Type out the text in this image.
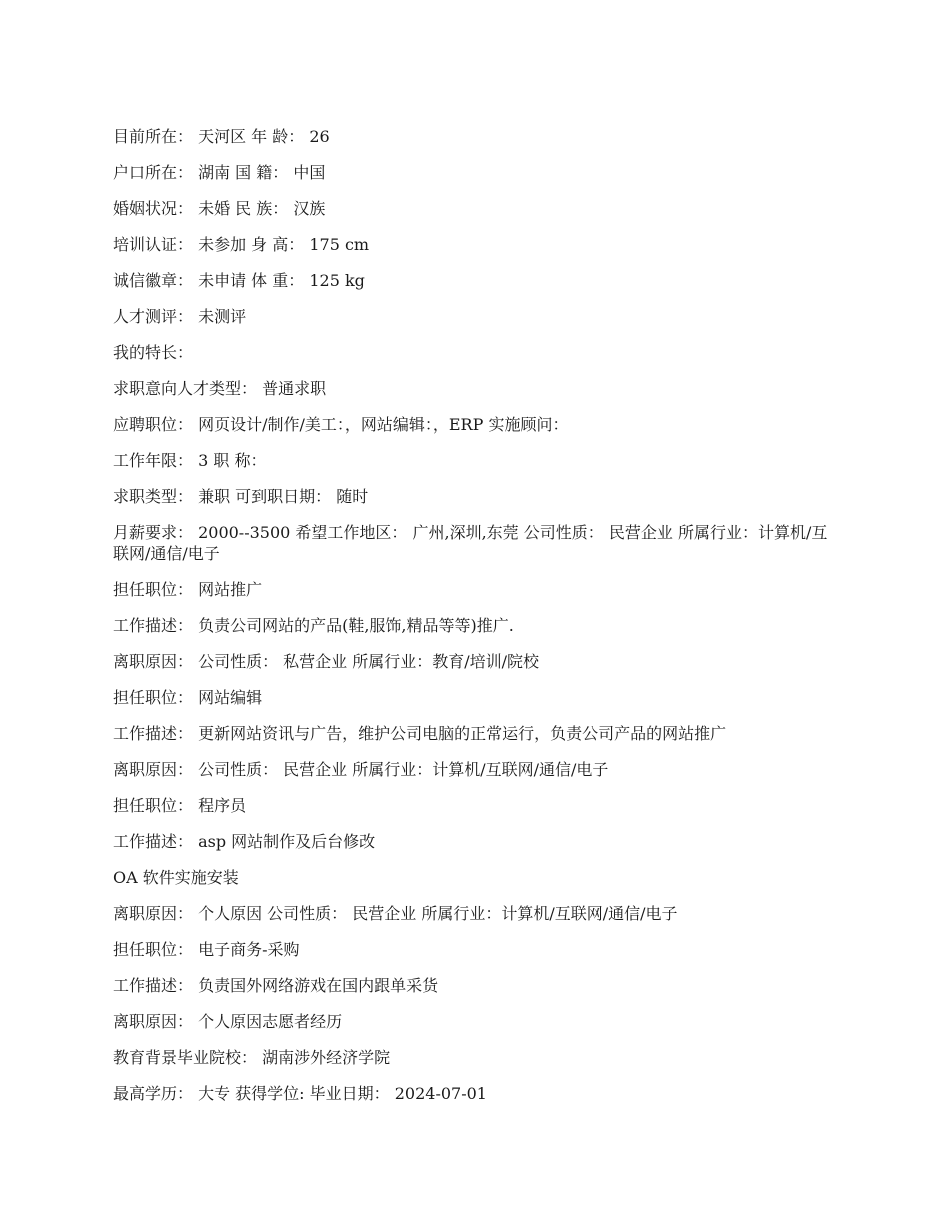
目前所在： 天河区 年 龄： 26
户口所在： 湖南 国 籍： 中国
婚姻状况： 未婚 民 族： 汉族
培训认证： 未参加 身 高： 175 cm
诚信徽章： 未申请 体 重： 125 kg
人才测评： 未测评
我的特长：
求职意向人才类型： 普通求职
应聘职位： 网页设计/制作/美工：，网站编辑：，ERP 实施顾问：
工作年限： 3 职 称：
求职类型： 兼职 可到职日期： 随时
月薪要求： 2000--3500 希望工作地区： 广州,深圳,东莞 公司性质： 民营企业 所属行业：计算机/互联网/通信/电子
担任职位： 网站推广
工作描述： 负责公司网站的产品(鞋,服饰,精品等等)推广.
离职原因： 公司性质： 私营企业 所属行业：教育/培训/院校
担任职位： 网站编辑
工作描述： 更新网站资讯与广告，维护公司电脑的正常运行，负责公司产品的网站推广
离职原因： 公司性质： 民营企业 所属行业：计算机/互联网/通信/电子
担任职位： 程序员
工作描述： asp 网站制作及后台修改
OA 软件实施安装
离职原因： 个人原因 公司性质： 民营企业 所属行业：计算机/互联网/通信/电子
担任职位： 电子商务-采购
工作描述： 负责国外网络游戏在国内跟单采货
离职原因： 个人原因志愿者经历
教育背景毕业院校： 湖南涉外经济学院
最高学历： 大专 获得学位: 毕业日期： 2024-07-01
